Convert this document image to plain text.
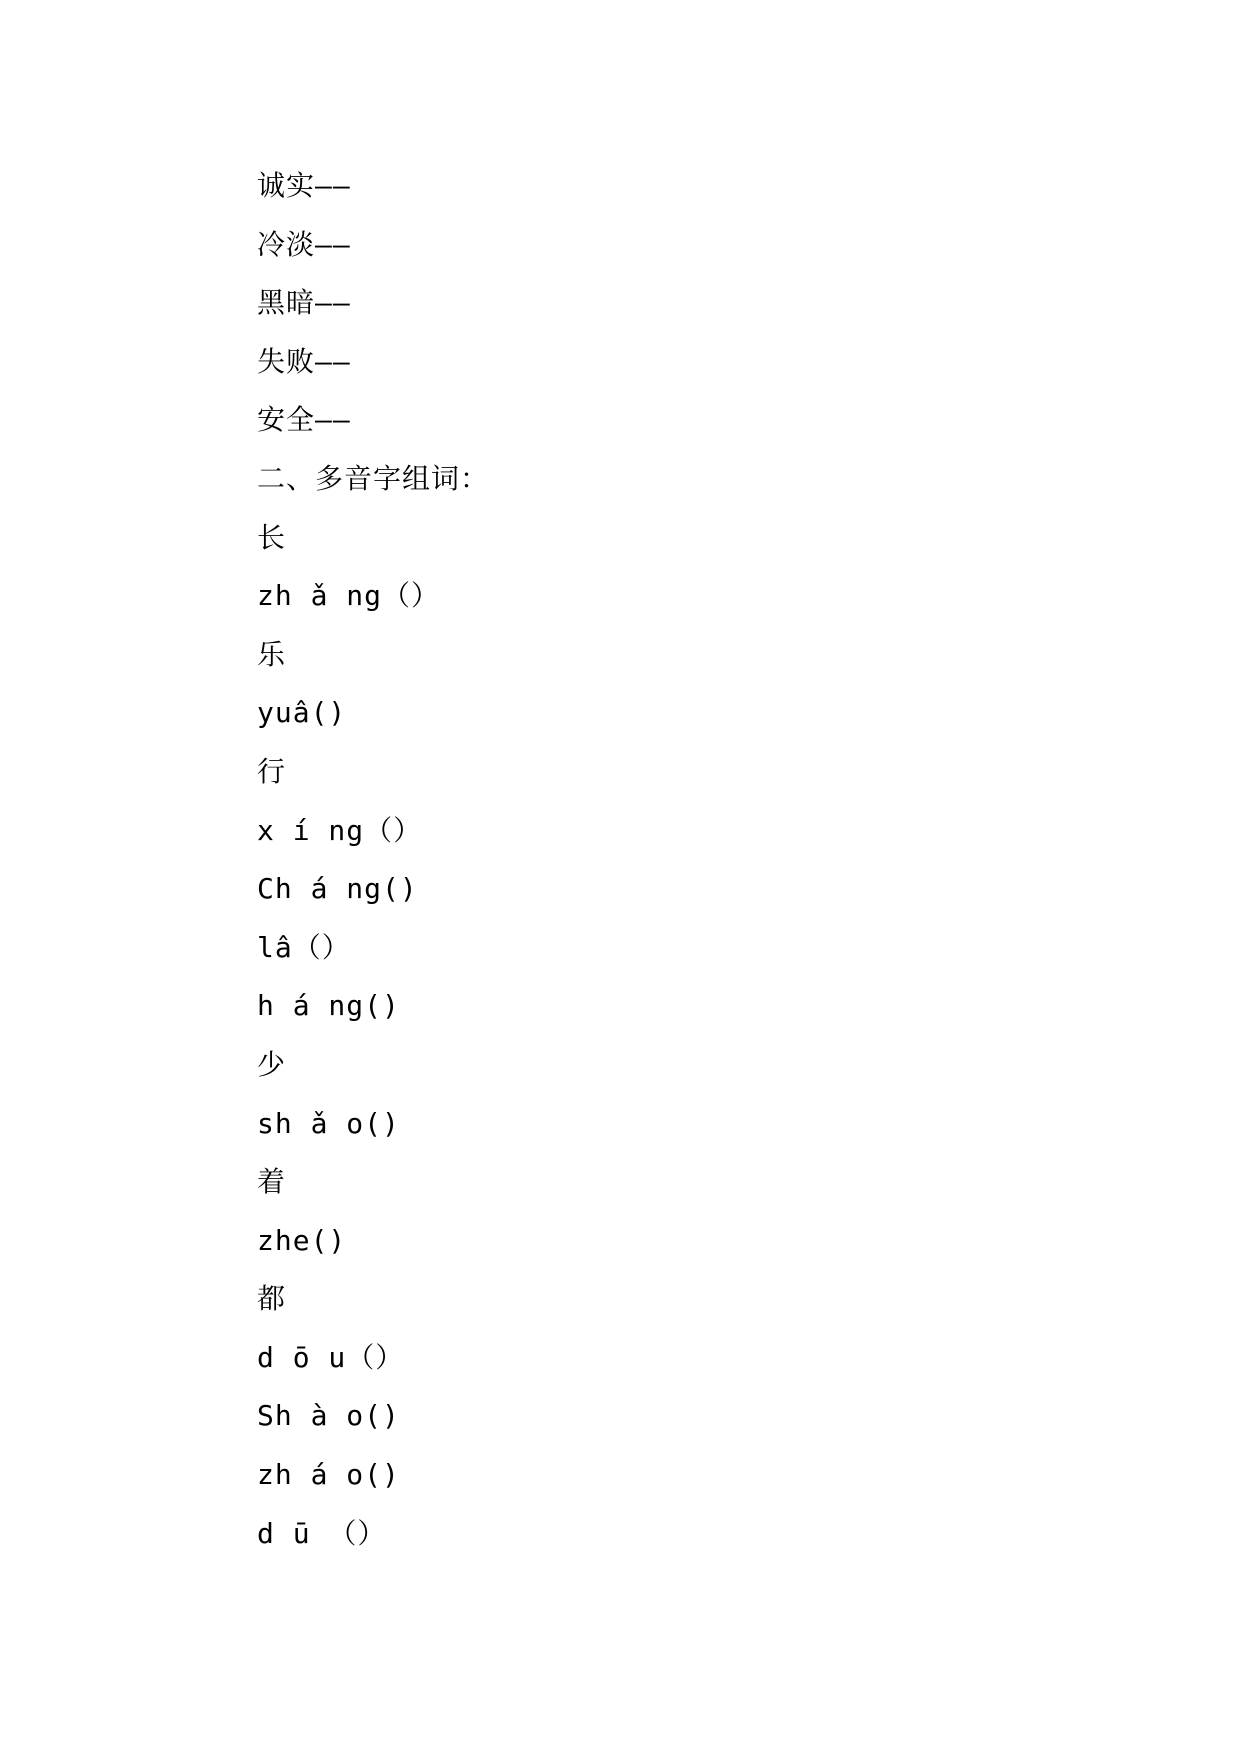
诚实——
冷淡——
黑暗——
失败——
安全——
二、多音字组词：
长
zh ǎ ng（）
乐
yuâ()
行
x í ng（）
Ch á ng()
lâ（）
h á ng()
少
sh ǎ o()
着
zhe()
都
d ō u（）
Sh à o()
zh á o()
d ū （）
